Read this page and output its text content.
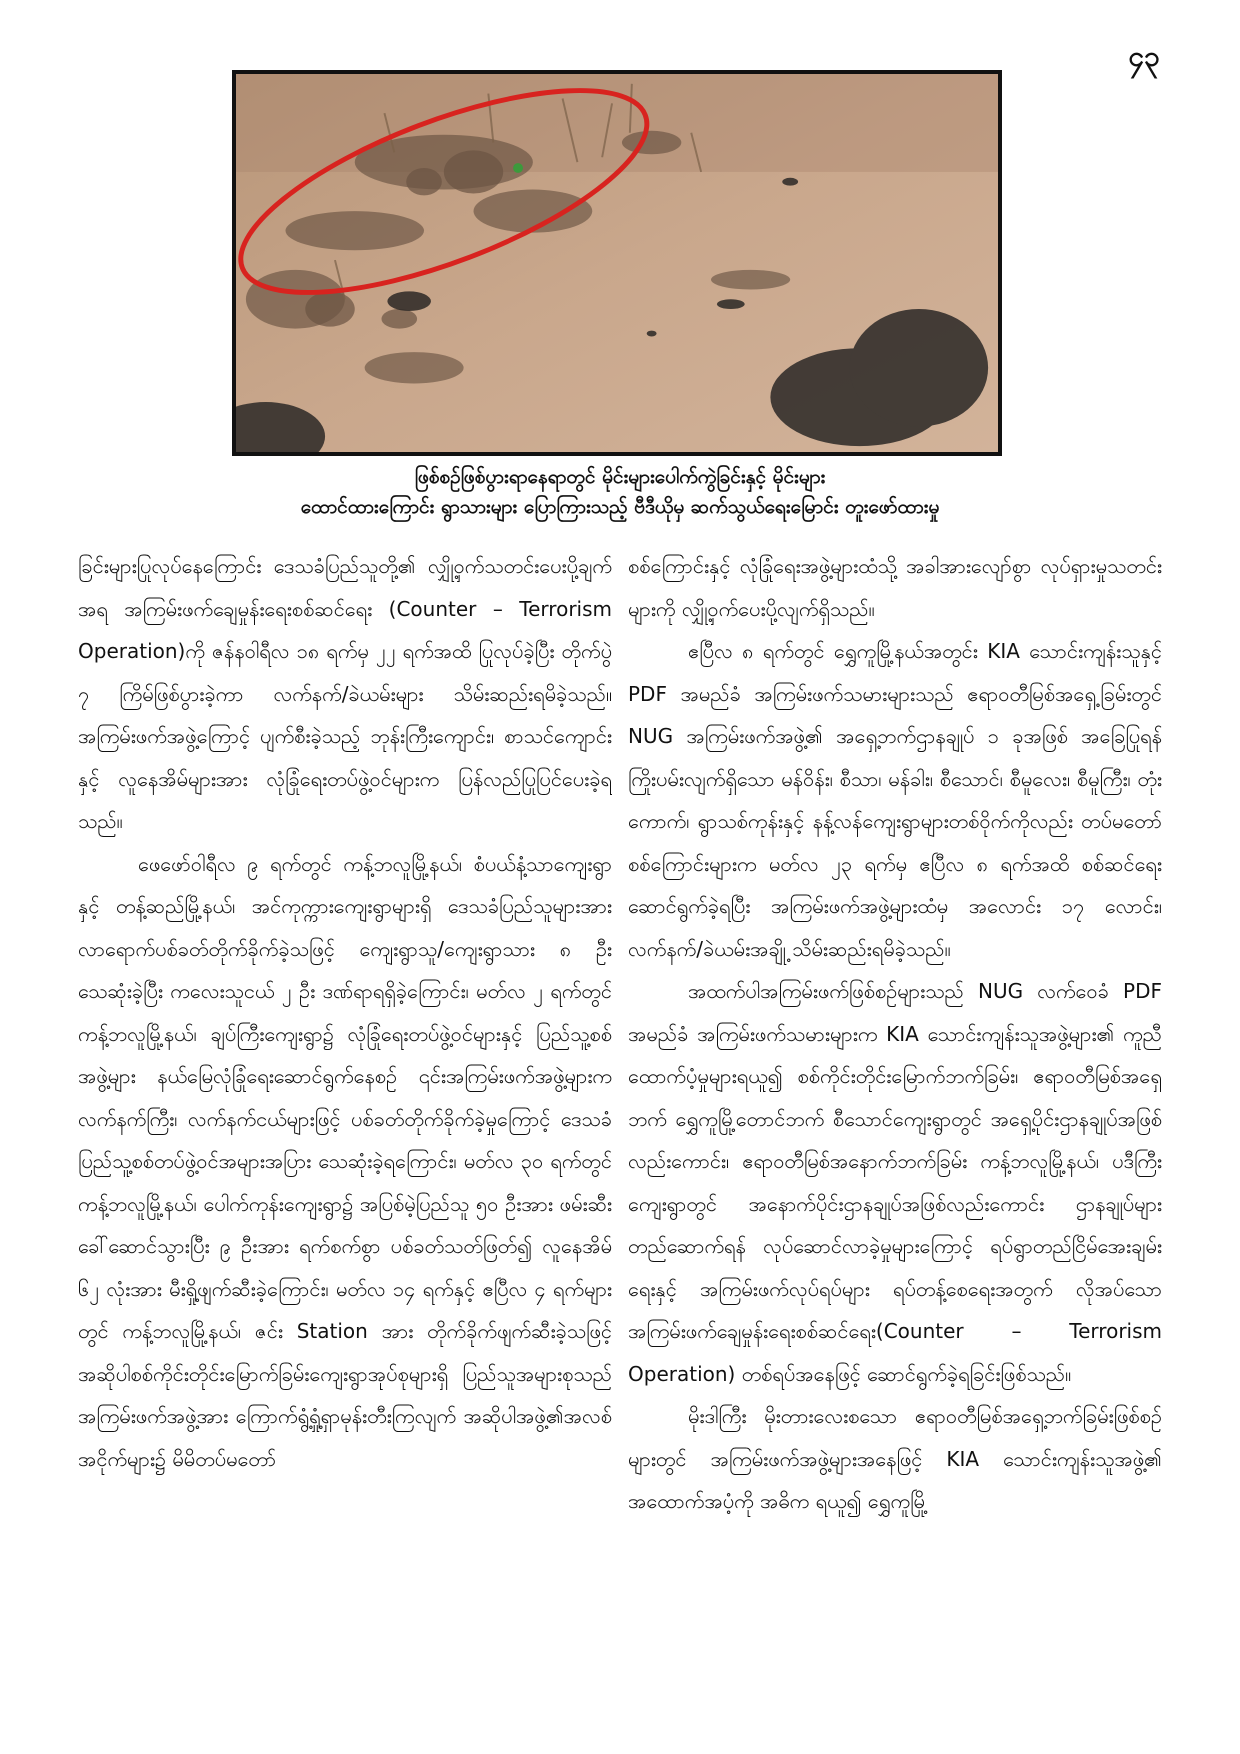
၄၃
ဖြစ်စဉ်ဖြစ်ပွားရာနေရာတွင် မိုင်းများပေါက်ကွဲခြင်းနှင့် မိုင်းများ
ထောင်ထားကြောင်း ရွာသားများ ပြောကြားသည့် ဗီဒီယိုမှ ဆက်သွယ်ရေးမြောင်း တူးဖော်ထားမှု

ခြင်းများပြုလုပ်နေကြောင်း ဒေသခံပြည်သူတို့၏ လျှို့ဝှက်သတင်းပေးပို့ချက်အရ အကြမ်းဖက်ချေမှုန်းရေးစစ်ဆင်ရေး (Counter – Terrorism Operation)ကို ဇန်နဝါရီလ ၁၈ ရက်မှ ၂၂ ရက်အထိ ပြုလုပ်ခဲ့ပြီး တိုက်ပွဲ ၇ ကြိမ်ဖြစ်ပွားခဲ့ကာ လက်နက်/ခဲယမ်းများ သိမ်းဆည်းရမိခဲ့သည်။ အကြမ်းဖက်အဖွဲ့ကြောင့် ပျက်စီးခဲ့သည့် ဘုန်းကြီးကျောင်း၊ စာသင်ကျောင်းနှင့် လူနေအိမ်များအား လုံခြုံရေးတပ်ဖွဲ့ဝင်များက ပြန်လည်ပြုပြင်ပေးခဲ့ရသည်။

ဖေဖော်ဝါရီလ ၉ ရက်တွင် ကန့်ဘလူမြို့နယ်၊ စံပယ်နံ့သာကျေးရွာနှင့် တန့်ဆည်မြို့နယ်၊ အင်ကုက္ကားကျေးရွာများရှိ ဒေသခံပြည်သူများအား လာရောက်ပစ်ခတ်တိုက်ခိုက်ခဲ့သဖြင့် ကျေးရွာသူ/ကျေးရွာသား ၈ ဦး သေဆုံးခဲ့ပြီး ကလေးသူငယ် ၂ ဦး ဒဏ်ရာရရှိခဲ့ကြောင်း၊ မတ်လ ၂ ရက်တွင် ကန့်ဘလူမြို့နယ်၊ ချပ်ကြီးကျေးရွာ၌ လုံခြုံရေးတပ်ဖွဲ့ဝင်များနှင့် ပြည်သူ့စစ်အဖွဲ့များ နယ်မြေလုံခြုံရေးဆောင်ရွက်နေစဉ် ၎င်းအကြမ်းဖက်အဖွဲ့များက လက်နက်ကြီး၊ လက်နက်ငယ်များဖြင့် ပစ်ခတ်တိုက်ခိုက်ခဲ့မှုကြောင့် ဒေသခံပြည်သူ့စစ်တပ်ဖွဲ့ဝင်အများအပြား သေဆုံးခဲ့ရကြောင်း၊ မတ်လ ၃၀ ရက်တွင် ကန့်ဘလူမြို့နယ်၊ ပေါက်ကုန်းကျေးရွာ၌ အပြစ်မဲ့ပြည်သူ ၅၀ ဦးအား ဖမ်းဆီးခေါ်ဆောင်သွားပြီး ၉ ဦးအား ရက်စက်စွာ ပစ်ခတ်သတ်ဖြတ်၍ လူနေအိမ် ၆၂ လုံးအား မီးရှို့ဖျက်ဆီးခဲ့ကြောင်း၊ မတ်လ ၁၄ ရက်နှင့် ဧပြီလ ၄ ရက်များတွင် ကန့်ဘလူမြို့နယ်၊ ဇင်း Station အား တိုက်ခိုက်ဖျက်ဆီးခဲ့သဖြင့် အဆိုပါစစ်ကိုင်းတိုင်းမြောက်ခြမ်းကျေးရွာအုပ်စုများရှိ ပြည်သူအများစုသည် အကြမ်းဖက်အဖွဲ့အား ကြောက်ရွံ့ရှုံ့ရှာမုန်းတီးကြလျက် အဆိုပါအဖွဲ့၏အလစ်အငိုက်များ၌ မိမိတပ်မတော်

စစ်ကြောင်းနှင့် လုံခြုံရေးအဖွဲ့များထံသို့ အခါအားလျော်စွာ လုပ်ရှားမှုသတင်းများကို လျှို့ဝှက်ပေးပို့လျက်ရှိသည်။

ဧပြီလ ၈ ရက်တွင် ရွှေကူမြို့နယ်အတွင်း KIA သောင်းကျန်းသူနှင့် PDF အမည်ခံ အကြမ်းဖက်သမားများသည် ဧရာဝတီမြစ်အရှေ့ခြမ်းတွင် NUG အကြမ်းဖက်အဖွဲ့၏ အရှေ့ဘက်ဌာနချုပ် ၁ ခုအဖြစ် အခြေပြုရန် ကြိုးပမ်းလျက်ရှိသော မန်ဝိန်း၊ စီသာ၊ မန်ခါး၊ စီသောင်၊ စီမူလေး၊ စီမူကြီး၊ တုံးကောက်၊ ရွာသစ်ကုန်းနှင့် နန့်လန်ကျေးရွာများတစ်ဝိုက်ကိုလည်း တပ်မတော်စစ်ကြောင်းများက မတ်လ ၂၃ ရက်မှ ဧပြီလ ၈ ရက်အထိ စစ်ဆင်ရေးဆောင်ရွက်ခဲ့ရပြီး အကြမ်းဖက်အဖွဲ့များထံမှ အလောင်း ၁၇ လောင်း၊ လက်နက်/ခဲယမ်းအချို့ သိမ်းဆည်းရမိခဲ့သည်။

အထက်ပါအကြမ်းဖက်ဖြစ်စဉ်များသည် NUG လက်ဝေခံ PDF အမည်ခံ အကြမ်းဖက်သမားများက KIA သောင်းကျန်းသူအဖွဲ့များ၏ ကူညီထောက်ပံ့မှုများရယူ၍ စစ်ကိုင်းတိုင်းမြောက်ဘက်ခြမ်း၊ ဧရာဝတီမြစ်အရှေ့ဘက် ရွှေကူမြို့တောင်ဘက် စီသောင်ကျေးရွာတွင် အရှေ့ပိုင်းဌာနချုပ်အဖြစ်လည်းကောင်း၊ ဧရာဝတီမြစ်အနောက်ဘက်ခြမ်း ကန့်ဘလူမြို့နယ်၊ ပဒီကြီးကျေးရွာတွင် အနောက်ပိုင်းဌာနချုပ်အဖြစ်လည်းကောင်း ဌာနချုပ်များ တည်ဆောက်ရန် လုပ်ဆောင်လာခဲ့မှုများကြောင့် ရပ်ရွာတည်ငြိမ်အေးချမ်းရေးနှင့် အကြမ်းဖက်လုပ်ရပ်များ ရပ်တန့်စေရေးအတွက် လိုအပ်သော အကြမ်းဖက်ချေမှုန်းရေးစစ်ဆင်ရေး(Counter – Terrorism Operation) တစ်ရပ်အနေဖြင့် ဆောင်ရွက်ခဲ့ရခြင်းဖြစ်သည်။

မိုးဒါကြီး မိုးတားလေးစသော ဧရာဝတီမြစ်အရှေ့ဘက်ခြမ်းဖြစ်စဉ်များတွင် အကြမ်းဖက်အဖွဲ့များအနေဖြင့် KIA သောင်းကျန်းသူအဖွဲ့၏ အထောက်အပံ့ကို အဓိက ရယူ၍ ရွှေကူမြို့
